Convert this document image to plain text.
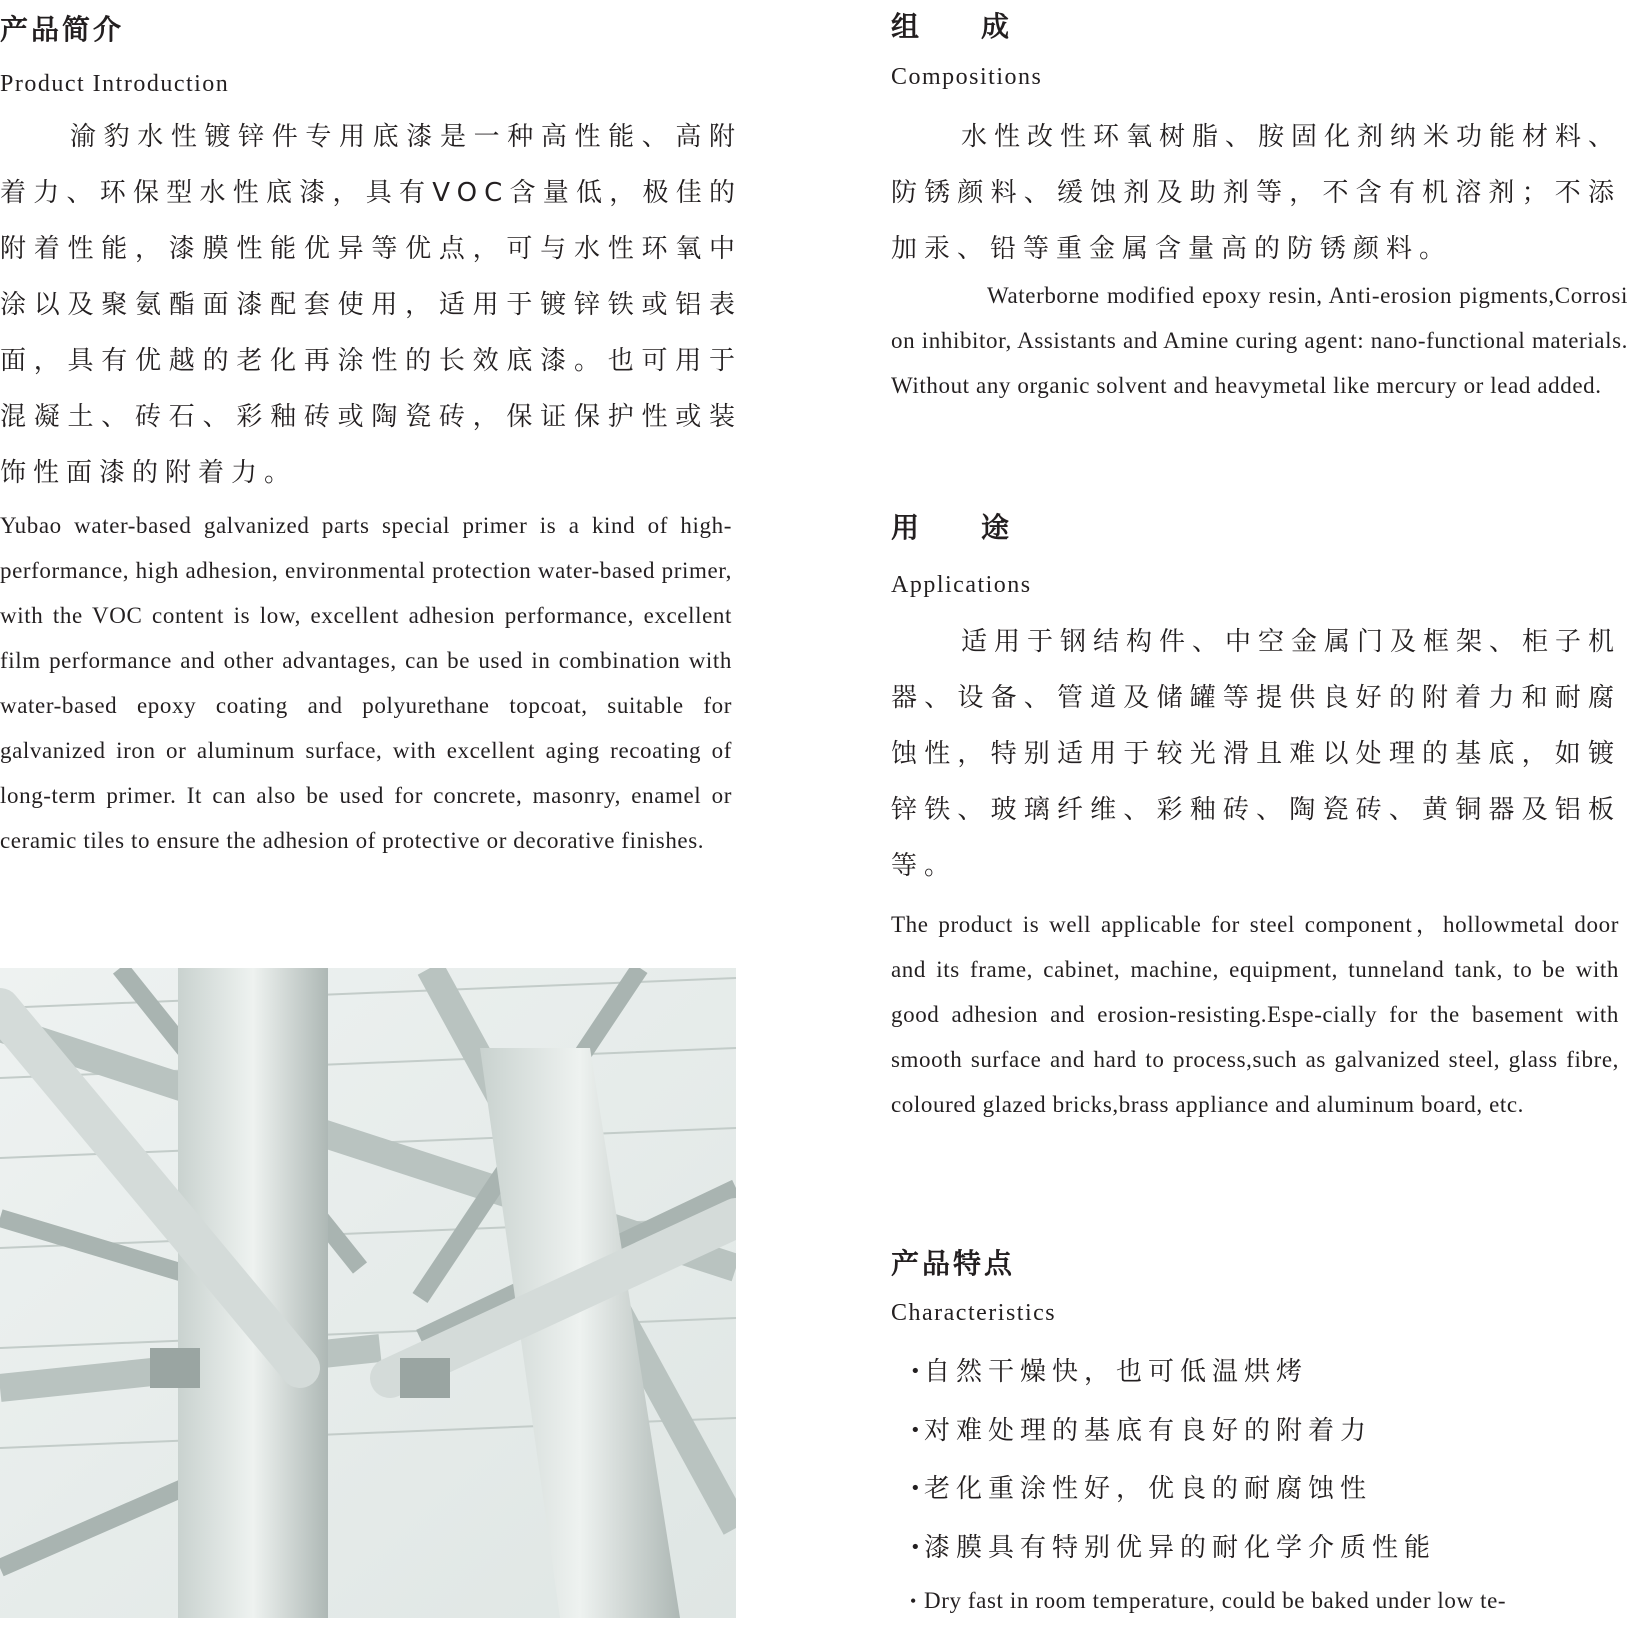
产品简介
Product Introduction

渝豹水性镀锌件专用底漆是一种高性能、高附着力、环保型水性底漆，具有VOC含量低，极佳的附着性能，漆膜性能优异等优点，可与水性环氧中涂以及聚氨酯面漆配套使用，适用于镀锌铁或铝表面，具有优越的老化再涂性的长效底漆。也可用于混凝土、砖石、彩釉砖或陶瓷砖，保证保护性或装饰性面漆的附着力。

Yubao water-based galvanized parts special primer is a kind of high-performance, high adhesion, environmental protection water-based primer, with the VOC content is low, excellent adhesion performance, excellent film performance and other advantages, can be used in combination with water-based epoxy coating and polyurethane topcoat, suitable for galvanized iron or aluminum surface, with excellent aging recoating of long-term primer. It can also be used for concrete, masonry, enamel or ceramic tiles to ensure the adhesion of protective or decorative finishes.

组成
Compositions

水性改性环氧树脂、胺固化剂纳米功能材料、防锈颜料、缓蚀剂及助剂等，不含有机溶剂；不添加汞、铅等重金属含量高的防锈颜料。

Waterborne modified epoxy resin, Anti-erosion pigments,Corrosion inhibitor, Assistants and Amine curing agent: nano-functional materials. Without any organic solvent and heavymetal like mercury or lead added.

用途
Applications

适用于钢结构件、中空金属门及框架、柜子机器、设备、管道及储罐等提供良好的附着力和耐腐蚀性，特别适用于较光滑且难以处理的基底，如镀锌铁、玻璃纤维、彩釉砖、陶瓷砖、黄铜器及铝板等。

The product is well applicable for steel component，hollowmetal door and its frame, cabinet, machine, equipment, tunneland tank, to be with good adhesion and erosion-resisting.Espe-cially for the basement with smooth surface and hard to process,such as galvanized steel, glass fibre, coloured glazed bricks,brass appliance and aluminum board, etc.

产品特点
Characteristics
•自然干燥快，也可低温烘烤
•对难处理的基底有良好的附着力
•老化重涂性好，优良的耐腐蚀性
•漆膜具有特别优异的耐化学介质性能
• Dry fast in room temperature, could be baked under low te-
